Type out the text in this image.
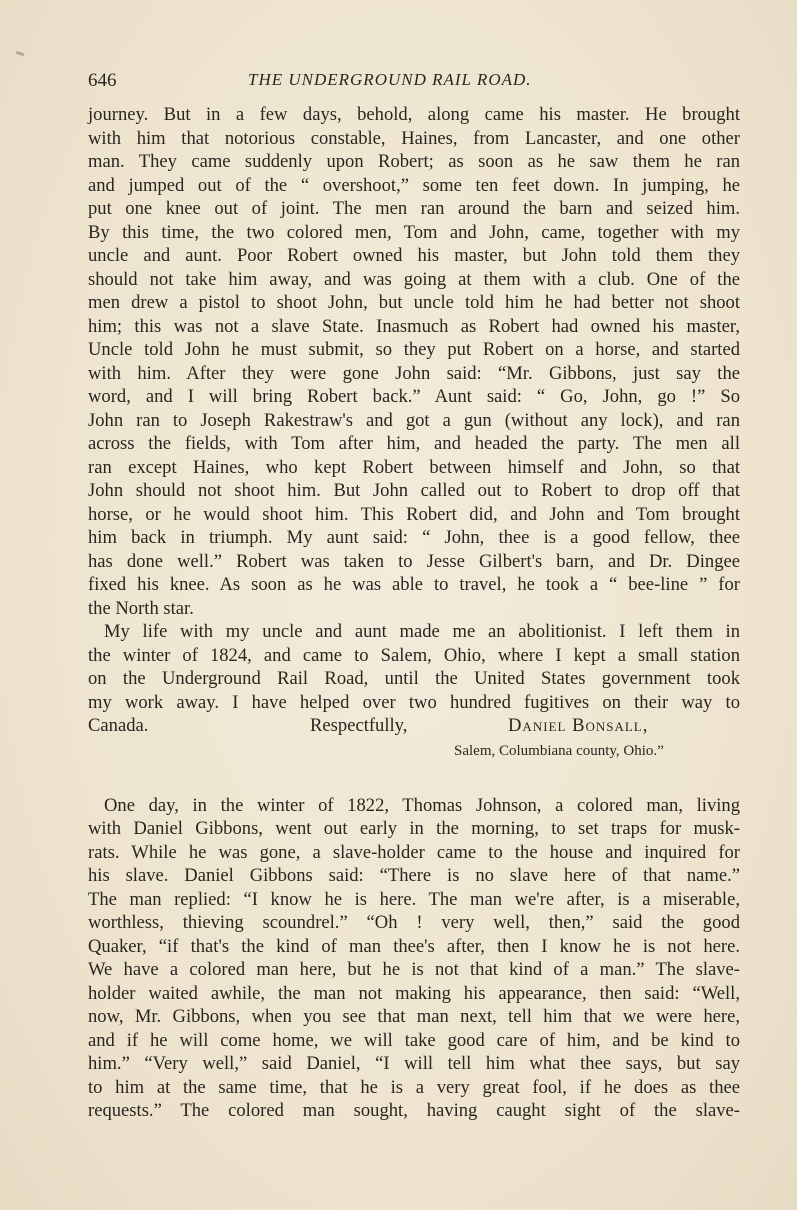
646	THE UNDERGROUND RAIL ROAD.
journey. But in a few days, behold, along came his master. He brought
with him that notorious constable, Haines, from Lancaster, and one other
man. They came suddenly upon Robert; as soon as he saw them he ran
and jumped out of the “ overshoot,” some ten feet down. In jumping, he
put one knee out of joint. The men ran around the barn and seized him.
By this time, the two colored men, Tom and John, came, together with my
uncle and aunt. Poor Robert owned his master, but John told them they
should not take him away, and was going at them with a club. One of the
men drew a pistol to shoot John, but uncle told him he had better not shoot
him; this was not a slave State. Inasmuch as Robert had owned his master,
Uncle told John he must submit, so they put Robert on a horse, and started
with him. After they were gone John said: “Mr. Gibbons, just say the
word, and I will bring Robert back.” Aunt said: “ Go, John, go !” So
John ran to Joseph Rakestraw's and got a gun (without any lock), and ran
across the fields, with Tom after him, and headed the party. The men all
ran except Haines, who kept Robert between himself and John, so that
John should not shoot him. But John called out to Robert to drop off that
horse, or he would shoot him. This Robert did, and John and Tom brought
him back in triumph. My aunt said: “ John, thee is a good fellow, thee
has done well.” Robert was taken to Jesse Gilbert's barn, and Dr. Dingee
fixed his knee. As soon as he was able to travel, he took a “ bee-line ” for
the North star.
My life with my uncle and aunt made me an abolitionist. I left them in
the winter of 1824, and came to Salem, Ohio, where I kept a small station
on the Underground Rail Road, until the United States government took
my work away. I have helped over two hundred fugitives on their way to
Canada.	Respectfully,	Daniel Bonsall,
Salem, Columbiana county, Ohio.”
One day, in the winter of 1822, Thomas Johnson, a colored man, living
with Daniel Gibbons, went out early in the morning, to set traps for musk-
rats. While he was gone, a slave-holder came to the house and inquired for
his slave. Daniel Gibbons said: “There is no slave here of that name.”
The man replied: “I know he is here. The man we're after, is a miserable,
worthless, thieving scoundrel.” “Oh ! very well, then,” said the good
Quaker, “if that's the kind of man thee's after, then I know he is not here.
We have a colored man here, but he is not that kind of a man.” The slave-
holder waited awhile, the man not making his appearance, then said: “Well,
now, Mr. Gibbons, when you see that man next, tell him that we were here,
and if he will come home, we will take good care of him, and be kind to
him.” “Very well,” said Daniel, “I will tell him what thee says, but say
to him at the same time, that he is a very great fool, if he does as thee
requests.” The colored man sought, having caught sight of the slave-
